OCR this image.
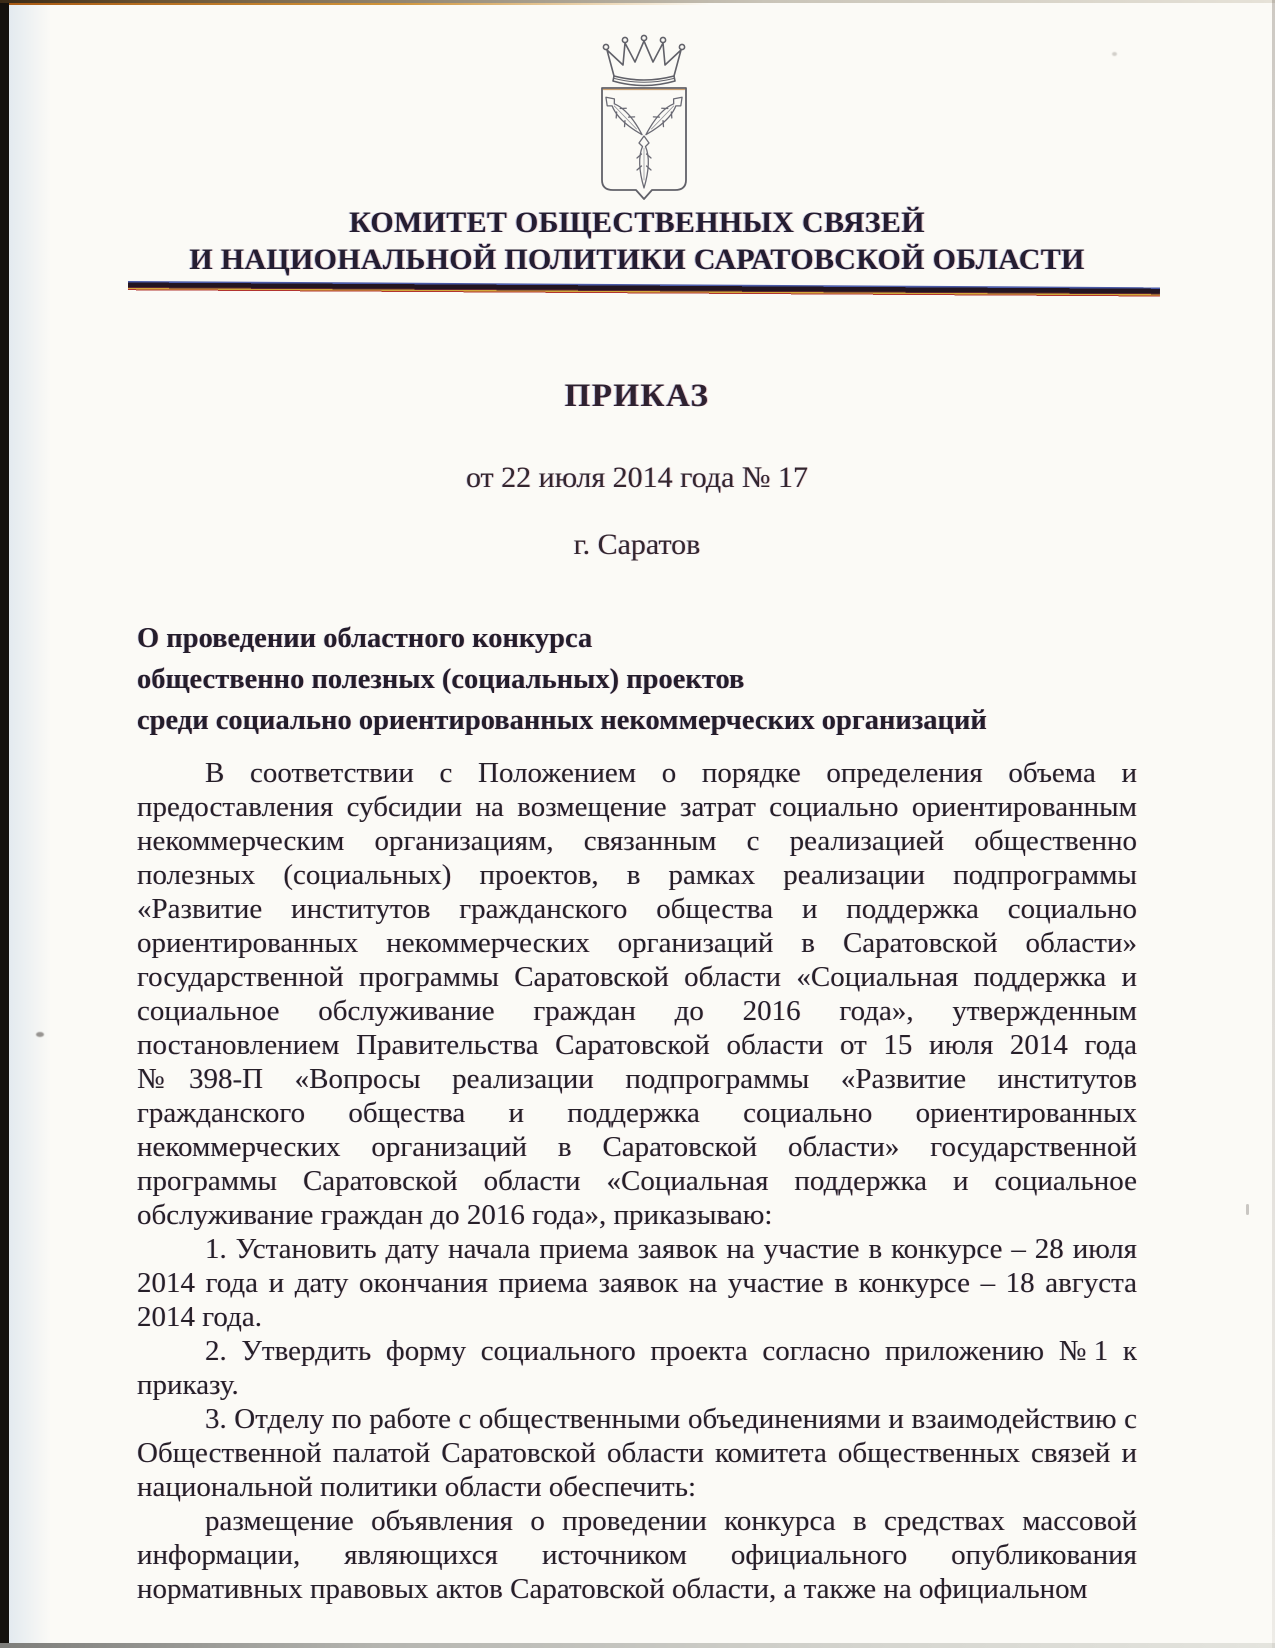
КОМИТЕТ ОБЩЕСТВЕННЫХ СВЯЗЕЙ
И НАЦИОНАЛЬНОЙ ПОЛИТИКИ САРАТОВСКОЙ ОБЛАСТИ
ПРИКАЗ
от 22 июля 2014 года № 17
г. Саратов
О проведении областного конкурса
общественно полезных (социальных) проектов
среди социально ориентированных некоммерческих организаций

В соответствии с Положением о порядке определения объема и предоставления субсидии на возмещение затрат социально ориентированным некоммерческим организациям, связанным с реализацией общественно полезных (социальных) проектов, в рамках реализации подпрограммы «Развитие институтов гражданского общества и поддержка социально ориентированных некоммерческих организаций в Саратовской области» государственной программы Саратовской области «Социальная поддержка и социальное обслуживание граждан до 2016 года», утвержденным постановлением Правительства Саратовской области от 15 июля 2014 года №398-П «Вопросы реализации подпрограммы «Развитие институтов гражданского общества и поддержка социально ориентированных некоммерческих организаций в Саратовской области» государственной программы Саратовской области «Социальная поддержка и социальное обслуживание граждан до 2016 года», приказываю:

1. Установить дату начала приема заявок на участие в конкурсе – 28 июля 2014 года и дату окончания приема заявок на участие в конкурсе – 18 августа 2014 года.

2. Утвердить форму социального проекта согласно приложению №1 к приказу.

3. Отделу по работе с общественными объединениями и взаимодействию с Общественной палатой Саратовской области комитета общественных связей и национальной политики области обеспечить:

размещение объявления о проведении конкурса в средствах массовой информации, являющихся источником официального опубликования нормативных правовых актов Саратовской области, а также на официальном
